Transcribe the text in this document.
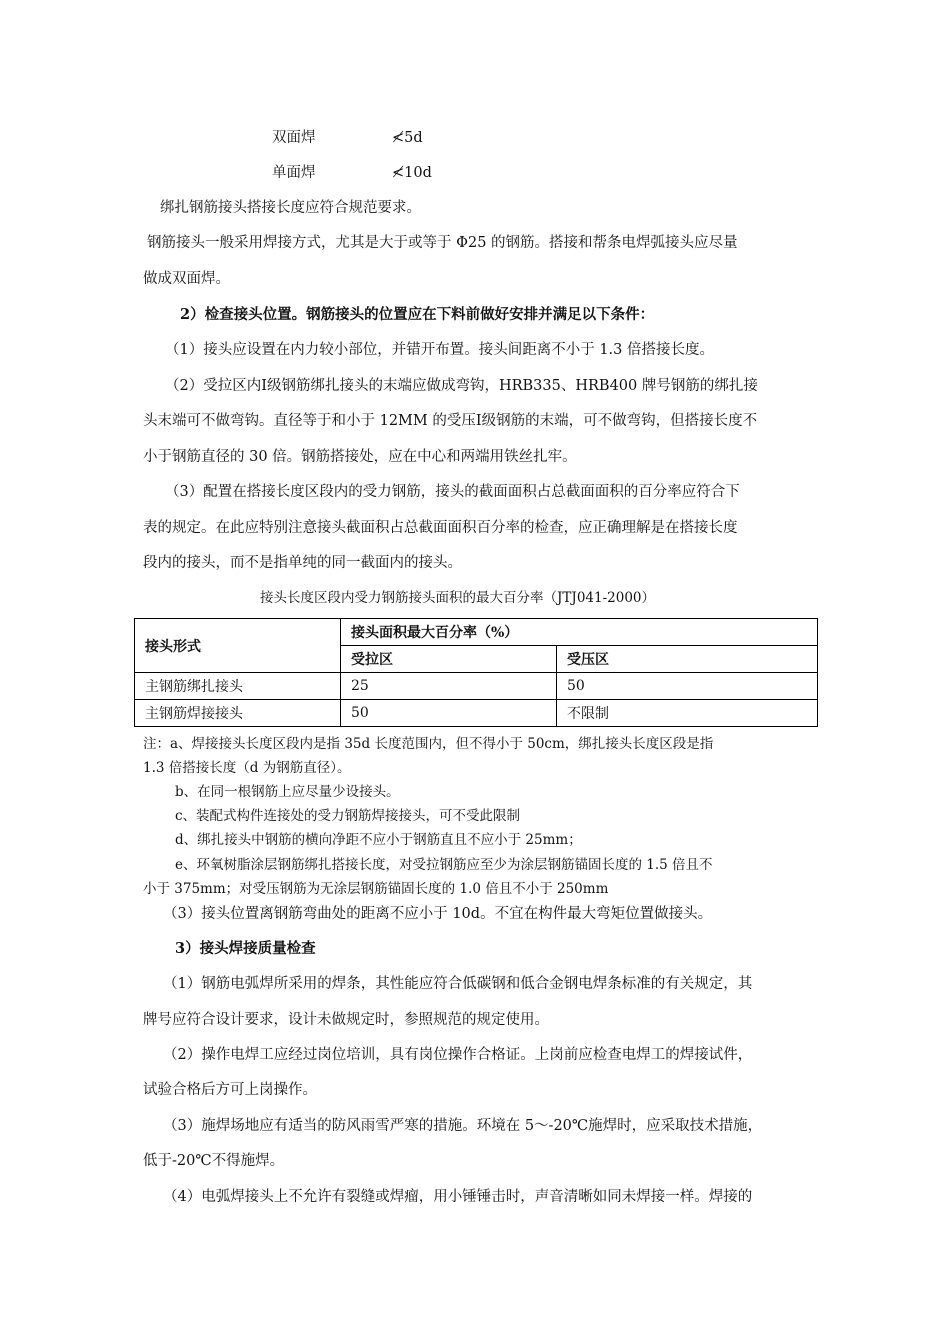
接头形式	接头面积最大百分率（%）	
	受拉区	受压区
主钢筋绑扎接头	25	50
主钢筋焊接接头	50	不限制
双面焊	≮5d
单面焊	≮10d
绑扎钢筋接头搭接长度应符合规范要求。
钢筋接头一般采用焊接方式，尤其是大于或等于 Φ25 的钢筋。搭接和帮条电焊弧接头应尽量
做成双面焊。
2）检查接头位置。钢筋接头的位置应在下料前做好安排并满足以下条件：
（1）接头应设置在内力较小部位，并错开布置。接头间距离不小于 1.3 倍搭接长度。
（2）受拉区内Ⅰ级钢筋绑扎接头的末端应做成弯钩，HRB335、HRB400 牌号钢筋的绑扎接
头末端可不做弯钩。直径等于和小于 12MM 的受压Ⅰ级钢筋的末端，可不做弯钩，但搭接长度不
小于钢筋直径的 30 倍。钢筋搭接处，应在中心和两端用铁丝扎牢。
（3）配置在搭接长度区段内的受力钢筋，接头的截面面积占总截面面积的百分率应符合下
表的规定。在此应特别注意接头截面积占总截面面积百分率的检查，应正确理解是在搭接长度
段内的接头，而不是指单纯的同一截面内的接头。
接头长度区段内受力钢筋接头面积的最大百分率（JTJ041-2000）
注：a、焊接接头长度区段内是指 35d 长度范围内，但不得小于 50cm，绑扎接头长度区段是指
1.3 倍搭接长度（d 为钢筋直径）。
b、在同一根钢筋上应尽量少设接头。
c、装配式构件连接处的受力钢筋焊接接头，可不受此限制
d、绑扎接头中钢筋的横向净距不应小于钢筋直且不应小于 25mm；
e、环氧树脂涂层钢筋绑扎搭接长度，对受拉钢筋应至少为涂层钢筋锚固长度的 1.5 倍且不
小于 375mm；对受压钢筋为无涂层钢筋锚固长度的 1.0 倍且不小于 250mm
（3）接头位置离钢筋弯曲处的距离不应小于 10d。不宜在构件最大弯矩位置做接头。
3）接头焊接质量检查
（1）钢筋电弧焊所采用的焊条，其性能应符合低碳钢和低合金钢电焊条标准的有关规定，其
牌号应符合设计要求，设计未做规定时，参照规范的规定使用。
（2）操作电焊工应经过岗位培训，具有岗位操作合格证。上岗前应检查电焊工的焊接试件，
试验合格后方可上岗操作。
（3）施焊场地应有适当的防风雨雪严寒的措施。环境在 5～-20℃施焊时，应采取技术措施，
低于-20℃不得施焊。
（4）电弧焊接头上不允许有裂缝或焊瘤，用小锤锤击时，声音清晰如同未焊接一样。焊接的
